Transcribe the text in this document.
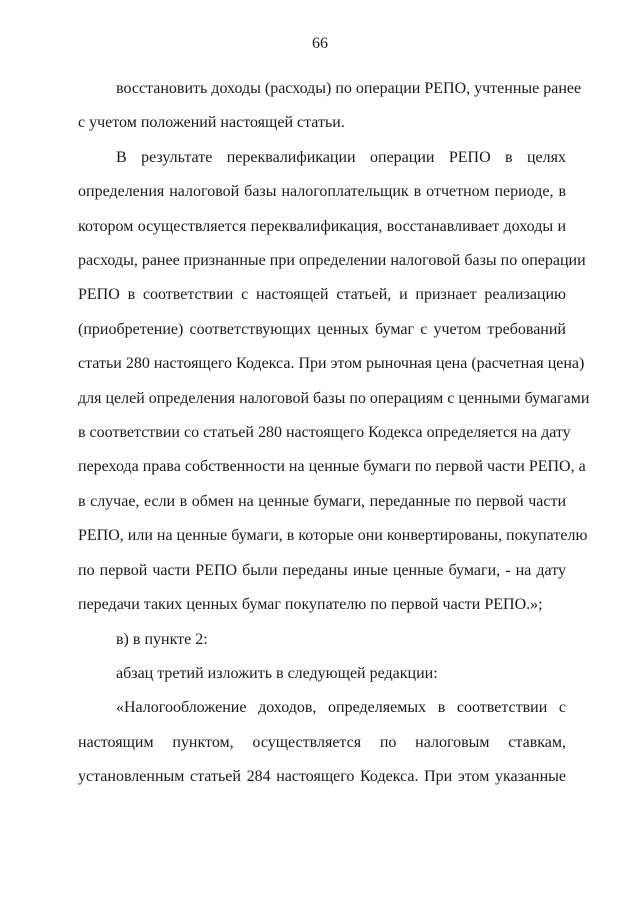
66
восстановить доходы (расходы) по операции РЕПО, учтенные ранее
с учетом положений настоящей статьи.
В результате переквалификации операции РЕПО в целях
определения налоговой базы налогоплательщик в отчетном периоде, в
котором осуществляется переквалификация, восстанавливает доходы и
расходы, ранее признанные при определении налоговой базы по операции
РЕПО в соответствии с настоящей статьей, и признает реализацию
(приобретение) соответствующих ценных бумаг с учетом требований
статьи 280 настоящего Кодекса. При этом рыночная цена (расчетная цена)
для целей определения налоговой базы по операциям с ценными бумагами
в соответствии со статьей 280 настоящего Кодекса определяется на дату
перехода права собственности на ценные бумаги по первой части РЕПО, а
в случае, если в обмен на ценные бумаги, переданные по первой части
РЕПО, или на ценные бумаги, в которые они конвертированы, покупателю
по первой части РЕПО были переданы иные ценные бумаги, - на дату
передачи таких ценных бумаг покупателю по первой части РЕПО.»;
в) в пункте 2:
абзац третий изложить в следующей редакции:
«Налогообложение доходов, определяемых в соответствии с
настоящим пунктом, осуществляется по налоговым ставкам,
установленным статьей 284 настоящего Кодекса. При этом указанные
